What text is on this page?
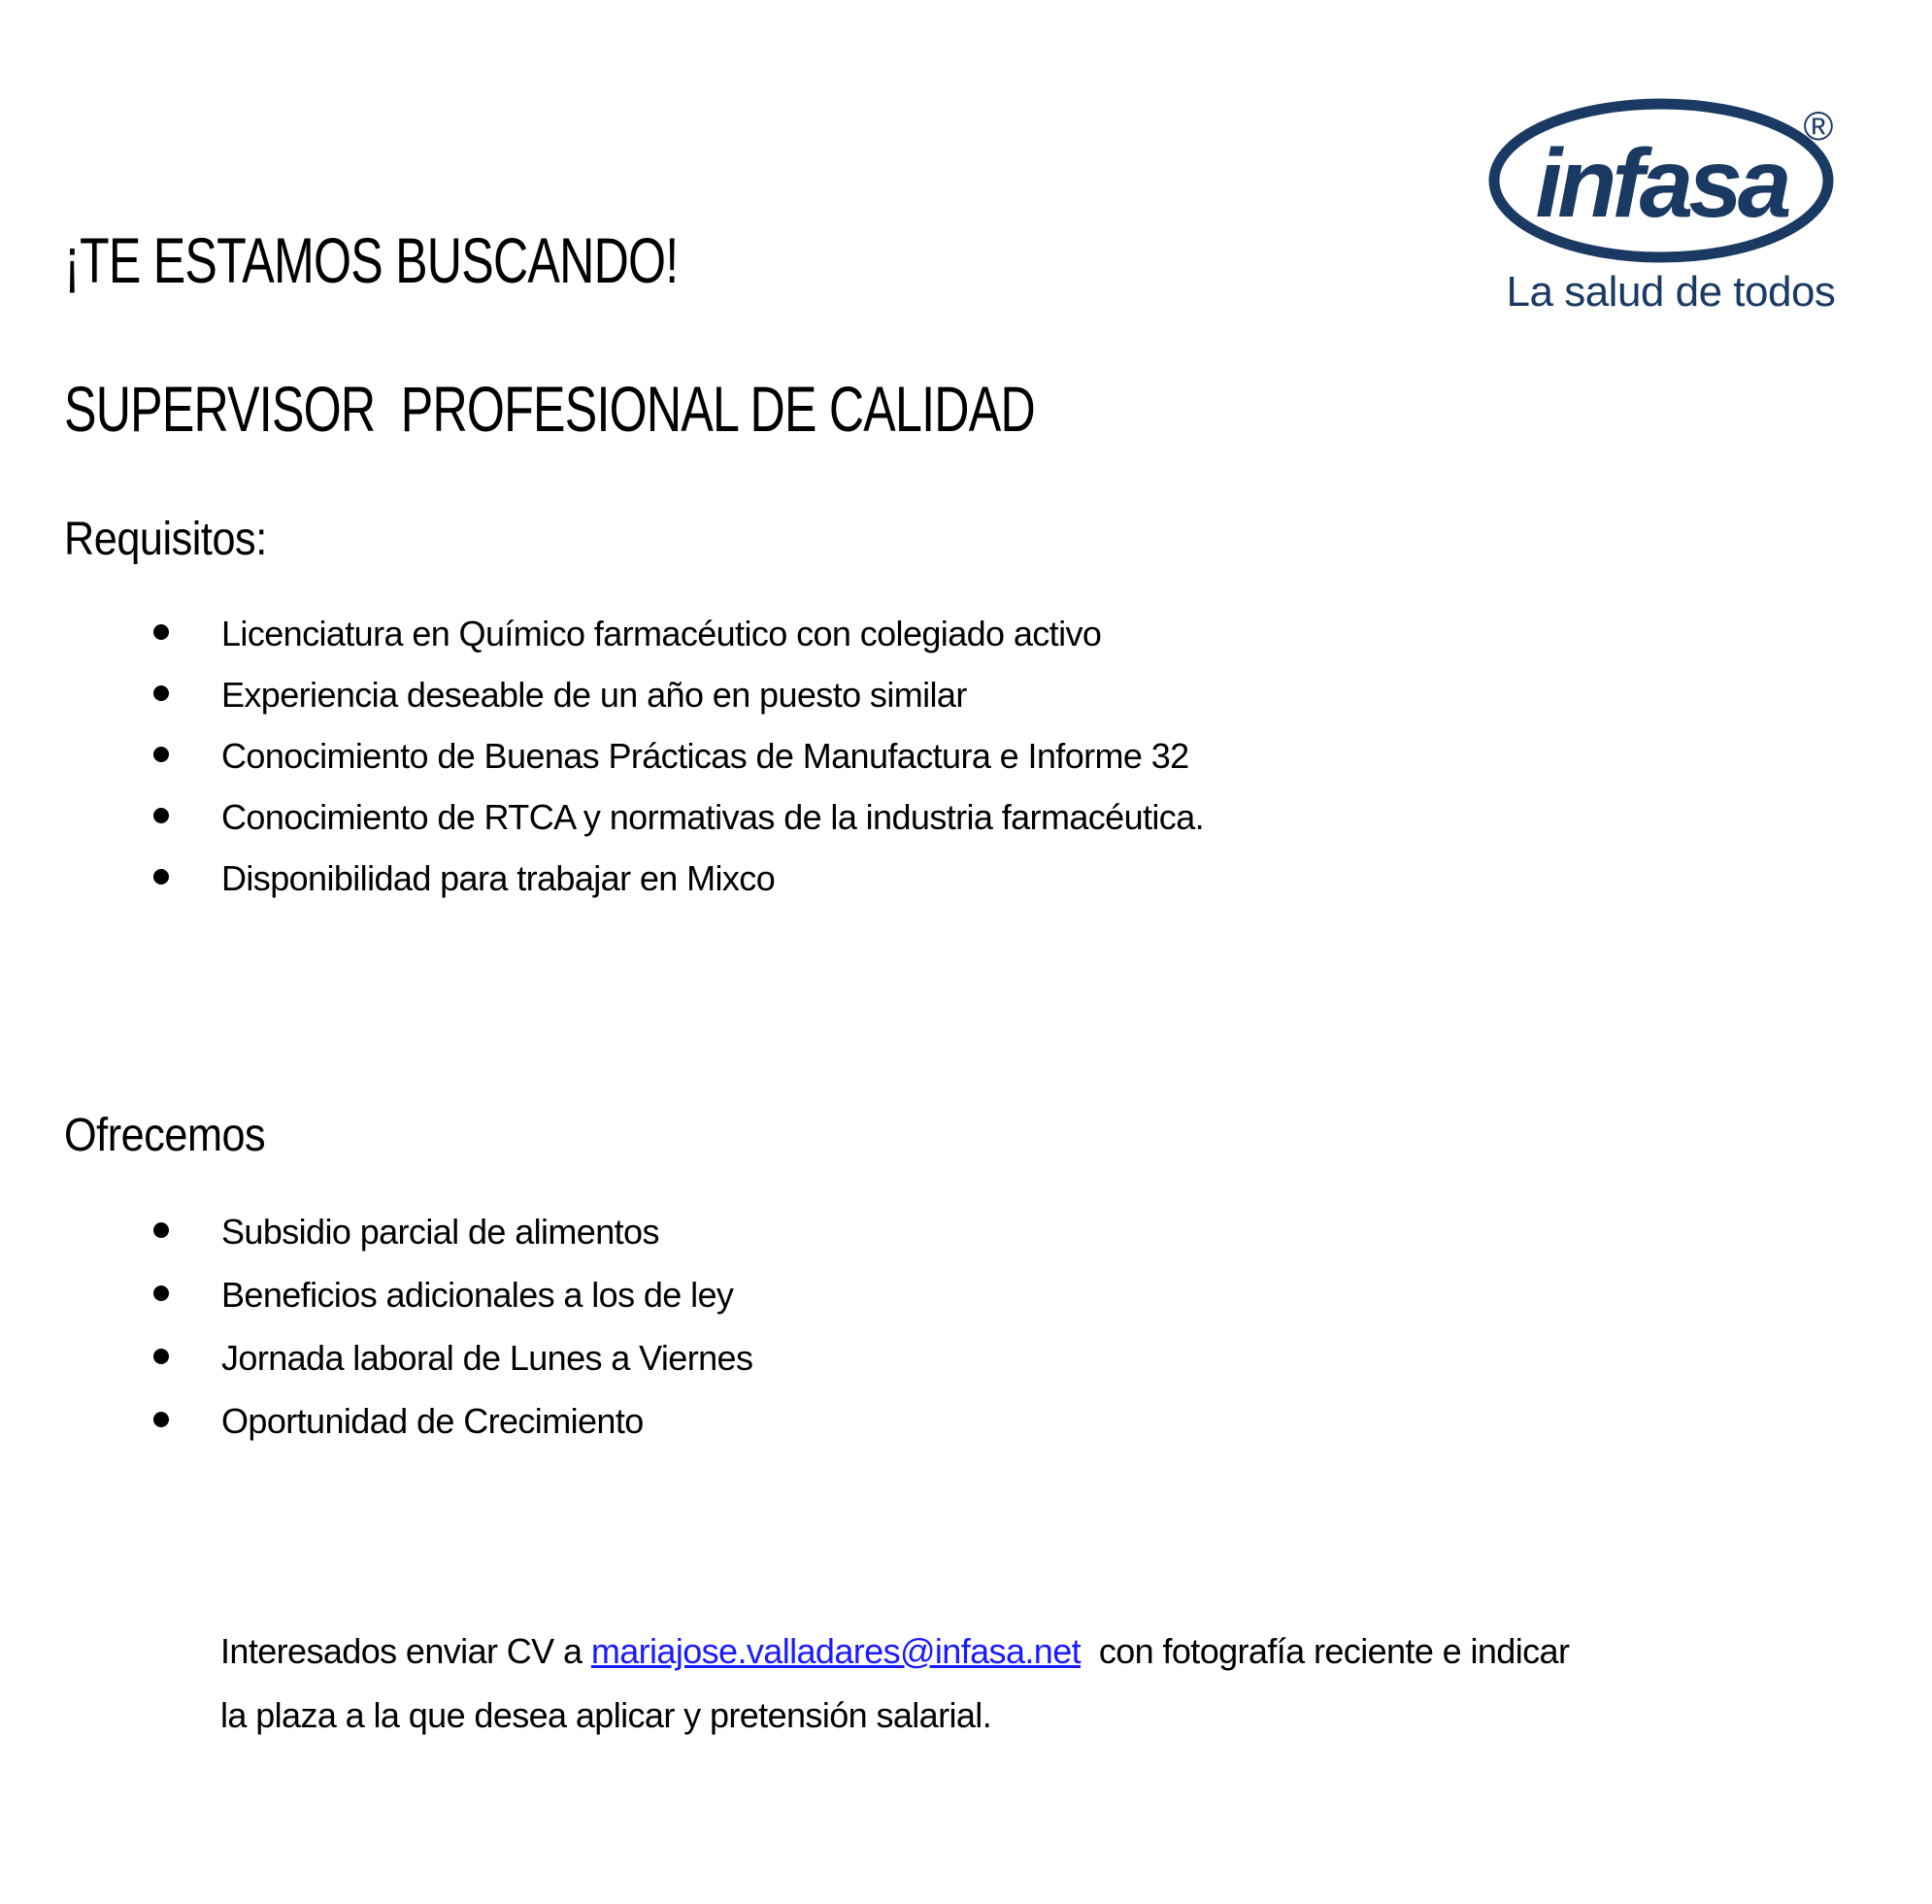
¡TE ESTAMOS BUSCANDO!
infasa
®
La salud de todos
SUPERVISOR  PROFESIONAL DE CALIDAD
Requisitos:
Licenciatura en Químico farmacéutico con colegiado activo
Experiencia deseable de un año en puesto similar
Conocimiento de Buenas Prácticas de Manufactura e Informe 32
Conocimiento de RTCA y normativas de la industria farmacéutica.
Disponibilidad para trabajar en Mixco
Ofrecemos
Subsidio parcial de alimentos
Beneficios adicionales a los de ley
Jornada laboral de Lunes a Viernes
Oportunidad de Crecimiento
Interesados enviar CV a mariajose.valladares@infasa.net  con fotografía reciente e indicar
la plaza a la que desea aplicar y pretensión salarial.
